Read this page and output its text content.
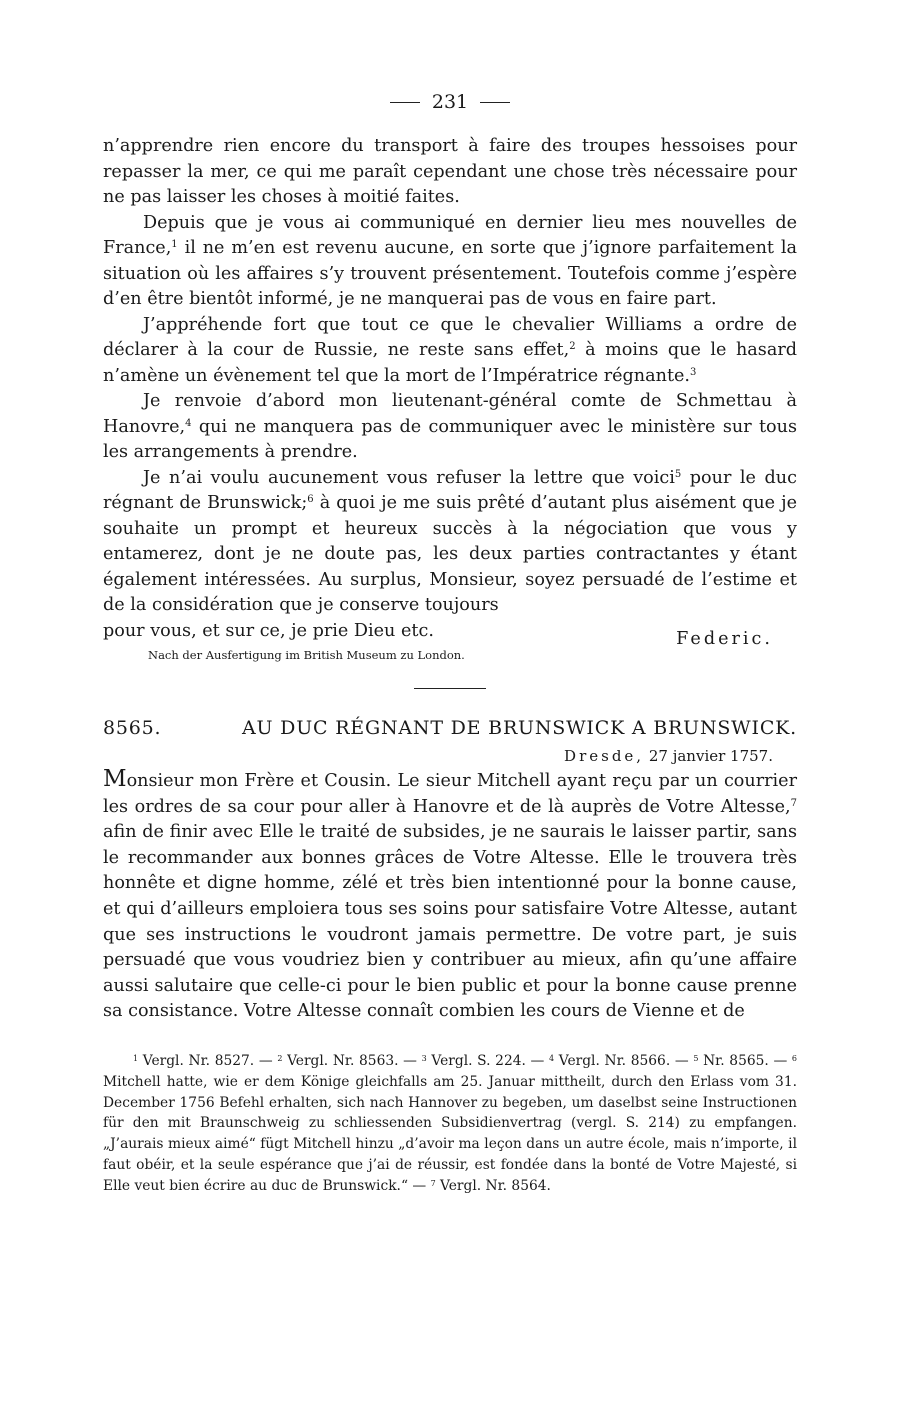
231

n’apprendre rien encore du transport à faire des troupes hessoises pour repasser la mer, ce qui me paraît cependant une chose très nécessaire pour ne pas laisser les choses à moitié faites.

Depuis que je vous ai communiqué en dernier lieu mes nouvelles de France,$^1$ il ne m’en est revenu aucune, en sorte que j’ignore parfaitement la situation où les affaires s’y trouvent présentement. Toutefois comme j’espère d’en être bientôt informé, je ne manquerai pas de vous en faire part.

J’appréhende fort que tout ce que le chevalier Williams a ordre de déclarer à la cour de Russie, ne reste sans effet,$^2$ à moins que le hasard n’amène un évènement tel que la mort de l’Impératrice régnante.$^3$

Je renvoie d’abord mon lieutenant-général comte de Schmettau à Hanovre,$^4$ qui ne manquera pas de communiquer avec le ministère sur tous les arrangements à prendre.

Je n’ai voulu aucunement vous refuser la lettre que voici$^5$ pour le duc régnant de Brunswick;$^6$ à quoi je me suis prêté d’autant plus aisément que je souhaite un prompt et heureux succès à la négociation que vous y entamerez, dont je ne doute pas, les deux parties contractantes y étant également intéressées. Au surplus, Monsieur, soyez persuadé de l’estime et de la considération que je conserve toujours

pour vous, et sur ce, je prie Dieu etc.	Federic.
Nach der Ausfertigung im British Museum zu London.
8565.	AU DUC RÉGNANT DE BRUNSWICK A BRUNSWICK.
Dresde, 27 janvier 1757.

Monsieur mon Frère et Cousin. Le sieur Mitchell ayant reçu par un courrier les ordres de sa cour pour aller à Hanovre et de là auprès de Votre Altesse,$^7$ afin de finir avec Elle le traité de subsides, je ne saurais le laisser partir, sans le recommander aux bonnes grâces de Votre Altesse. Elle le trouvera très honnête et digne homme, zélé et très bien intentionné pour la bonne cause, et qui d’ailleurs emploiera tous ses soins pour satisfaire Votre Altesse, autant que ses instructions le voudront jamais permettre. De votre part, je suis persuadé que vous voudriez bien y contribuer au mieux, afin qu’une affaire aussi salutaire que celle-ci pour le bien public et pour la bonne cause prenne sa consistance. Votre Altesse connaît combien les cours de Vienne et de

$^1$ Vergl. Nr. 8527. — $^2$ Vergl. Nr. 8563. — $^3$ Vergl. S. 224. — $^4$ Vergl. Nr. 8566. — $^5$ Nr. 8565. — $^6$ Mitchell hatte, wie er dem Könige gleichfalls am 25. Januar mittheilt, durch den Erlass vom 31. December 1756 Befehl erhalten, sich nach Hannover zu begeben, um daselbst seine Instructionen für den mit Braunschweig zu schliessenden Subsidienvertrag (vergl. S. 214) zu empfangen. „J’aurais mieux aimé“ fügt Mitchell hinzu „d’avoir ma leçon dans un autre école, mais n’importe, il faut obéir, et la seule espérance que j’ai de réussir, est fondée dans la bonté de Votre Majesté, si Elle veut bien écrire au duc de Brunswick.“ — $^7$ Vergl. Nr. 8564.
